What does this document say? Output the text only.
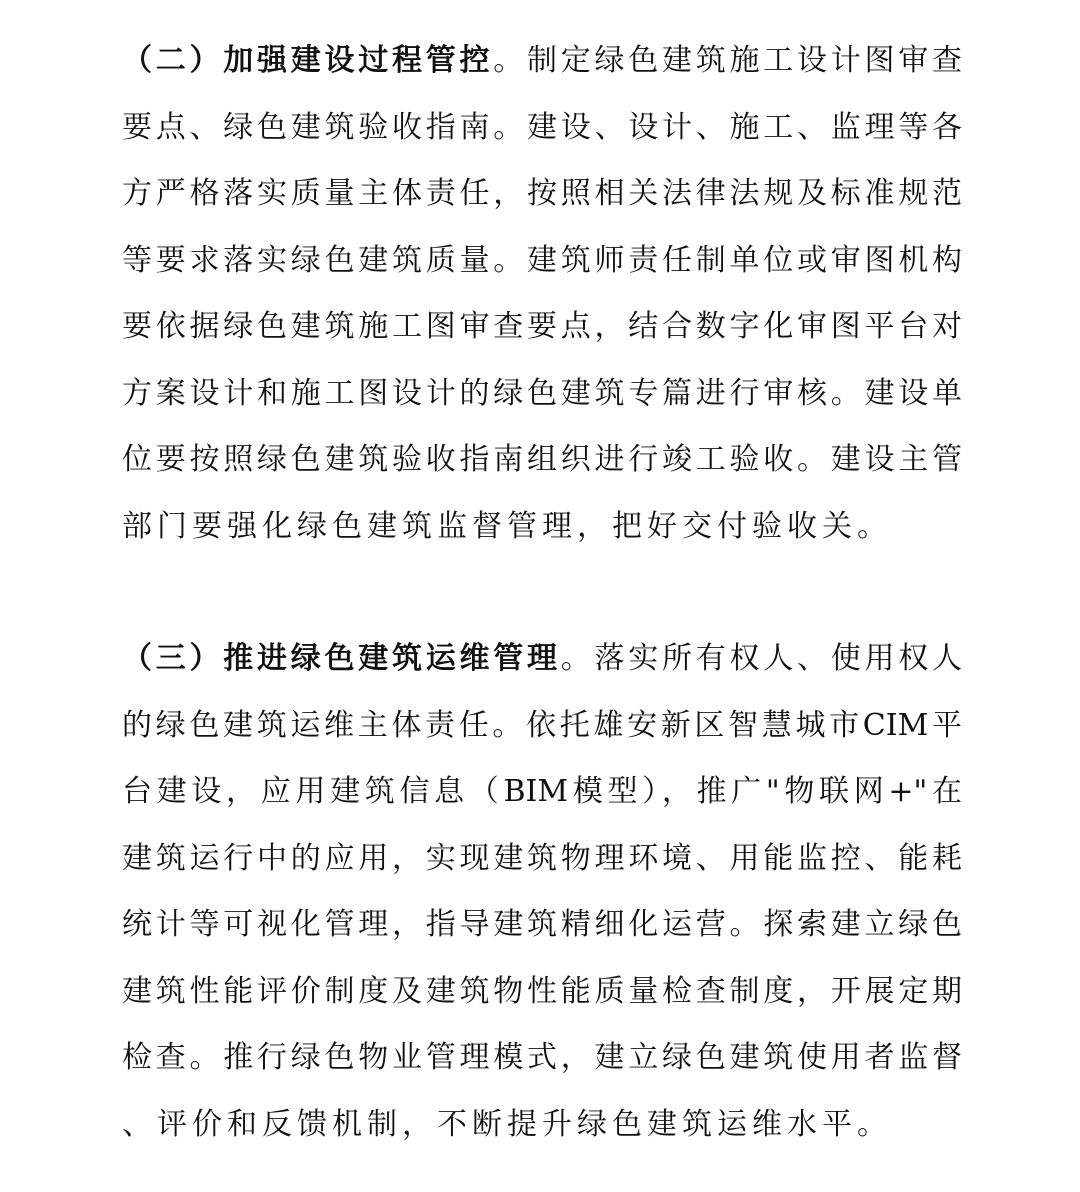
（二）加强建设过程管控。制定绿色建筑施工设计图审查
要点、绿色建筑验收指南。建设、设计、施工、监理等各
方严格落实质量主体责任，按照相关法律法规及标准规范
等要求落实绿色建筑质量。建筑师责任制单位或审图机构
要依据绿色建筑施工图审查要点，结合数字化审图平台对
方案设计和施工图设计的绿色建筑专篇进行审核。建设单
位要按照绿色建筑验收指南组织进行竣工验收。建设主管
部门要强化绿色建筑监督管理，把好交付验收关。
（三）推进绿色建筑运维管理。落实所有权人、使用权人
的绿色建筑运维主体责任。依托雄安新区智慧城市CIM平
台建设，应用建筑信息（BIM模型），推广"物联网+"在
建筑运行中的应用，实现建筑物理环境、用能监控、能耗
统计等可视化管理，指导建筑精细化运营。探索建立绿色
建筑性能评价制度及建筑物性能质量检查制度，开展定期
检查。推行绿色物业管理模式，建立绿色建筑使用者监督
、评价和反馈机制，不断提升绿色建筑运维水平。
